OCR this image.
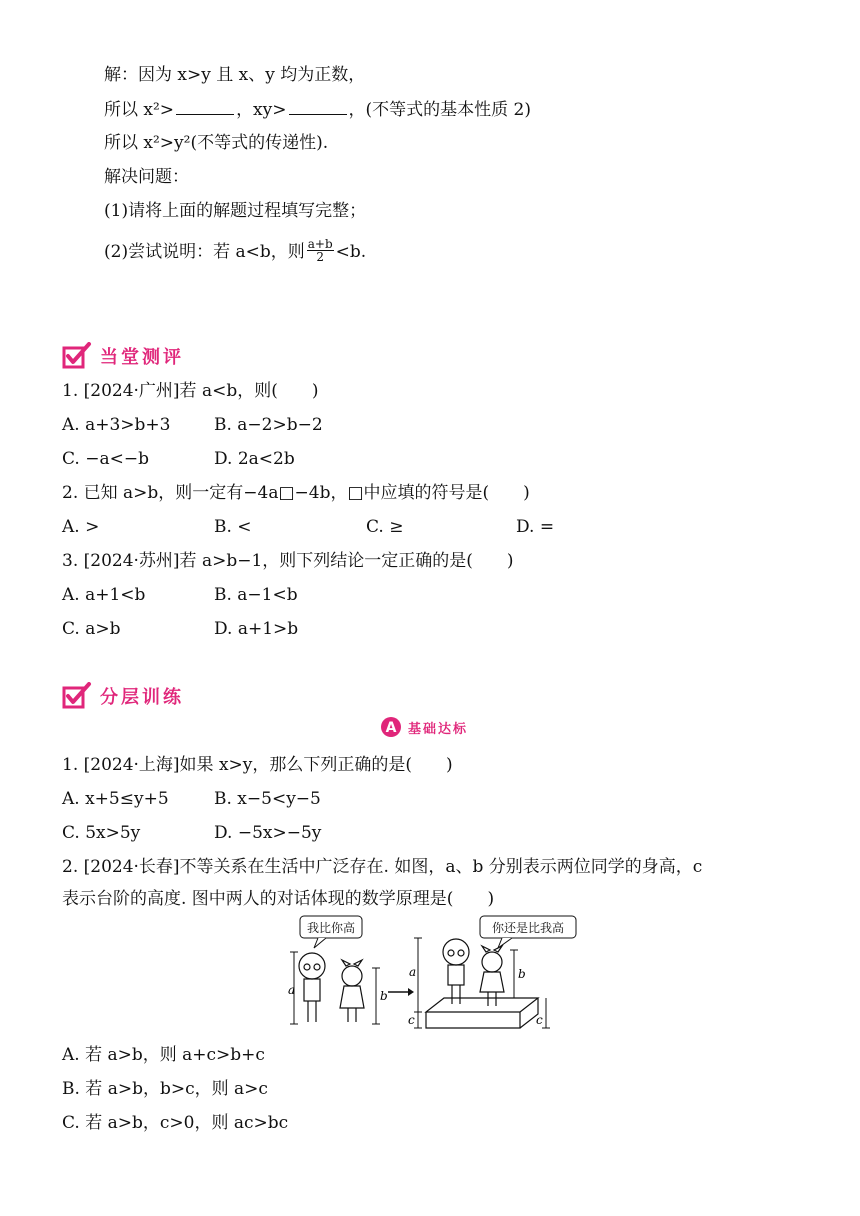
解：因为 x>y 且 x、y 均为正数，
所以 x²>	，xy>	，(不等式的基本性质 2)
所以 x²>y²(不等式的传递性).
解决问题：
(1)请将上面的解题过程填写完整；
(2)尝试说明：若 a<b，则 $\frac{a+b}{2} <b$.
当堂测评
1. [2024·广州]若 a<b，则(　　)
A. a+3>b+3	B. a−2>b−2
C. −a<−b	D. 2a<2b
2. 已知 a>b，则一定有−4a□−4b，□中应填的符号是(　　)
A. >	B. <	C. ≥	D. =
3. [2024·苏州]若 a>b−1，则下列结论一定正确的是(　　)
A. a+1<b	B. a−1<b
C. a>b	D. a+1>b
分层训练
A 基础达标
1. [2024·上海]如果 x>y，那么下列正确的是(　　)
A. x+5≤y+5	B. x−5<y−5
C. 5x>5y	D. −5x>−5y
2. [2024·长春]不等关系在生活中广泛存在. 如图，a、b 分别表示两位同学的身高，c
表示台阶的高度. 图中两人的对话体现的数学原理是(　　)
我比你高
a	b
你还是比我高
a
c
b
c
A. 若 a>b，则 a+c>b+c
B. 若 a>b，b>c，则 a>c
C. 若 a>b，c>0，则 ac>bc
